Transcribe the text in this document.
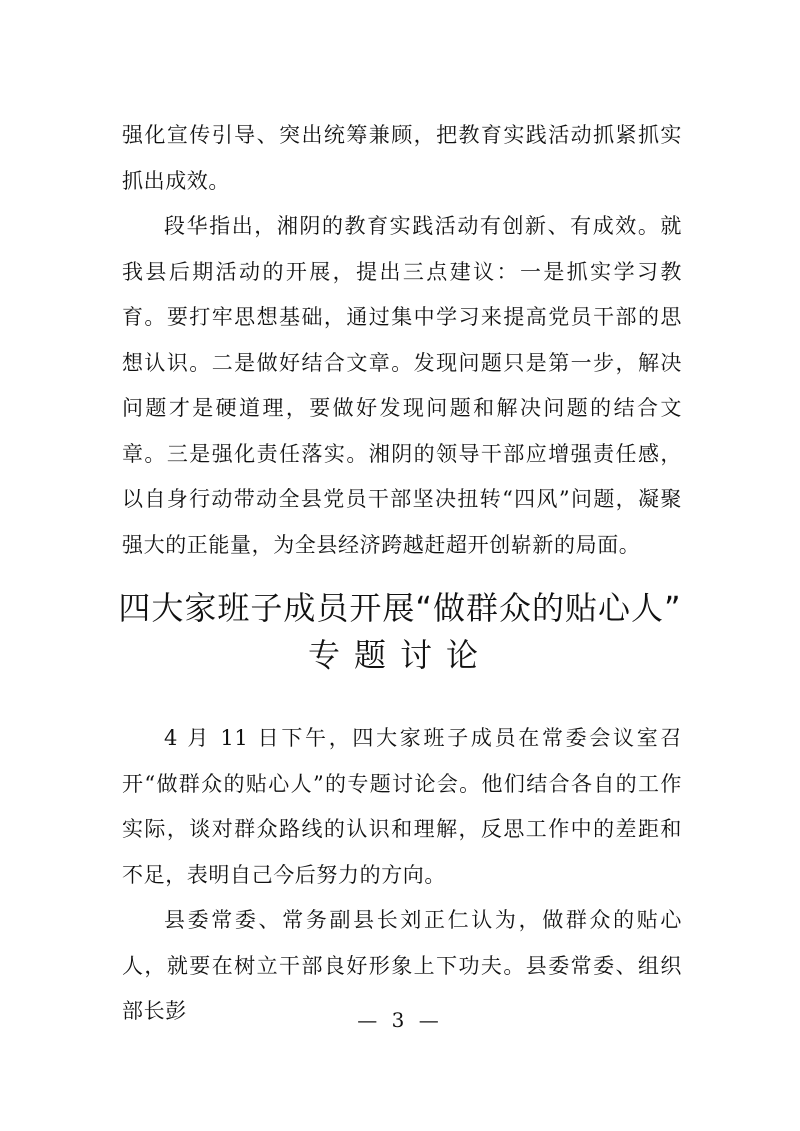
强化宣传引导、突出统筹兼顾，把教育实践活动抓紧抓实抓出成效。

段华指出，湘阴的教育实践活动有创新、有成效。就我县后期活动的开展，提出三点建议：一是抓实学习教育。要打牢思想基础，通过集中学习来提高党员干部的思想认识。二是做好结合文章。发现问题只是第一步，解决问题才是硬道理，要做好发现问题和解决问题的结合文章。三是强化责任落实。湘阴的领导干部应增强责任感，以自身行动带动全县党员干部坚决扭转“四风”问题，凝聚强大的正能量，为全县经济跨越赶超开创崭新的局面。

四大家班子成员开展“做群众的贴心人”
专题讨论

4 月 11 日下午，四大家班子成员在常委会议室召开“做群众的贴心人”的专题讨论会。他们结合各自的工作实际，谈对群众路线的认识和理解，反思工作中的差距和不足，表明自己今后努力的方向。

县委常委、常务副县长刘正仁认为，做群众的贴心人，就要在树立干部良好形象上下功夫。县委常委、组织部长彭	— 3 —
